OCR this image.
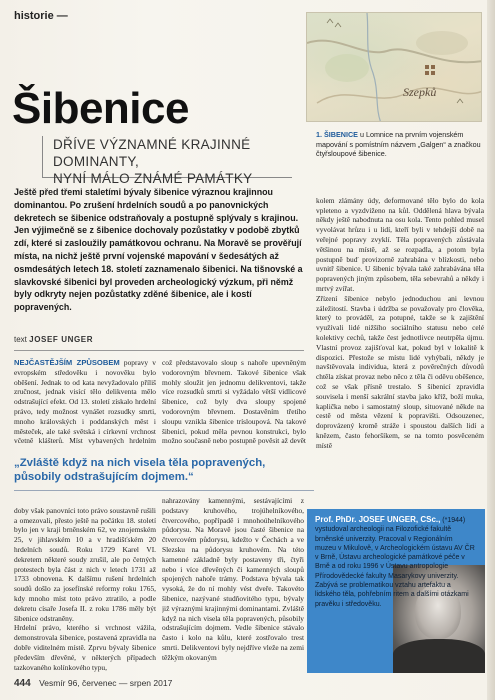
historie —
Szepků
1. ŠIBENICE u Lomnice na prvním vojenském mapování s pomístním názvem „Galgen“ a značkou čtyřsloupové šibenice.
Šibenice
DŘÍVE VÝZNAMNÉ KRAJINNÉ DOMINANTY,
NYNÍ MÁLO ZNÁMÉ PAMÁTKY

Ještě před třemi staletími bývaly šibenice výraznou krajinnou dominantou. Po zrušení hrdelních soudů a po panovnických dekretech se šibenice odstraňovaly a postupně splývaly s krajinou. Jen výjimečně se z šibenice dochovaly pozůstatky v podobě zbytků zdí, které si zasloužily památkovou ochranu. Na Moravě se prověřují místa, na nichž ještě první vojenské mapování v šedesátých až osmdesátých letech 18. století zaznamenalo šibenici. Na tišnovské a slavkovské šibenici byl proveden archeologický výzkum, při němž byly odkryty nejen pozůstatky zděné šibenice, ale i kostí popravených.

text JOSEF UNGER
NEJČASTĚJŠÍM ZPŮSOBEM popravy v evropském středověku i novověku bylo oběšení. Jednak to od kata nevyžadovalo příliš zručnost, jednak visící tělo delikventa mělo odstrašující efekt. Od 13. století získalo hrdelní právo, tedy možnost vynášet rozsudky smrti, mnoho královských i poddanských měst i městeček, ale také světská i církevní vrchnost včetně klášterů. Míst vybavených hrdelním
což představovalo sloup s nahoře upevněným vodorovným břevnem. Takové šibenice však mohly sloužit jen jednomu delikventovi, takže více rozsudků smrti si vyžádalo větší vidlicové šibenice, což byly dva sloupy spojené vodorovným břevnem. Dostavěním třetího sloupu vznikla šibenice trísloupová. Na takové šibenici, pokud měla pevnou konstrukci, bylo možno současně nebo postupně pověsit až devět

kolem zlámány údy, deformované tělo bylo do kola vpleteno a vyzdviženo na kůl. Oddělená hlava bývala někdy ještě nabodnuta na osu kola. Tento pohled musel vyvolávat hrůzu i u lidí, kteří byli v tehdejší době na veřejné popravy zvyklí. Těla popravených zůstávala většinou na místě, až se rozpadla, a potom byla postupně buď provizorně zahrabána v blízkosti, nebo uvnitř šibenice. U šibenic bývala také zahrabávána těla popravených jiným způsobem, těla sebevrahů a někdy i mrtvý zvířat.
Zřízení šibenice nebylo jednoduchou ani levnou záležitostí. Stavba i údržba se považovaly pro člověka, který to prováděl, za potupné, takže se k zajištění využívali lidé nižšího sociálního statusu nebo celé kolektivy cechů, takže čest jednotlivce neutrpěla újmu. Vlastní provoz zajišťoval kat, pokud byl v lokalitě k dispozici. Přestože se místu lidé vyhýbali, někdy je navštěvovala individua, která z pověrečných důvodů chtěla získat provaz nebo něco z těla či oděvu oběšence, což se však přísně trestalo. S šibenicí zpravidla souvisela i menší sakrální stavba jako kříž, boží muka, kaplička nebo i samostatný sloup, situované někde na cestě od města vězení k popravišti. Odsouzenec, doprovázený kromě stráže i spoustou dalších lidí a knězem, často fehoršíkem, se na tomto posvěceném místě

„Zvláště když na nich visela těla popravených, působily odstrašujícím dojmem.“

doby však panovníci toto právo soustavně rušili a omezovali, přesto ještě na počátku 18. století bylo jen v kraji brněnském 62, ve znojemském 25, v jihlavském 10 a v hradišťském 20 hrdelních soudů. Roku 1729 Karel VI. dekretem některé soudy zrušil, ale po četných protestech byla část z nich v letech 1731 až 1733 obnovena. K dalšímu rušení hrdelních soudů došlo za josefínské reformy roku 1765, kdy mnoho míst toto právo ztratilo, a podle dekretu císaře Josefa II. z roku 1786 měly být šibenice odstraněny.
Hrdelní právo, kterého si vrchnost vážila, demonstrovala šibenice, postavená zpravidla na dobře viditelném místě. Zprvu bývaly šibenice především dřevěné, v některých případech tazkovaného kolínkového typu,

nahrazovány kamennými, sestávajícími z podstavy kruhového, trojúhelníkového, čtvercového, popřípadě i mnohoúhelníkového půdorysu. Na Moravě jsou časté šibenice na čtvercovém půdorysu, kdežto v Čechách a ve Slezsku na půdorysu kruhovém. Na této kamenné základně byly postaveny tři, čtyři nebo i více dřevěných či kamenných sloupů spojených nahoře trámy. Podstava bývala tak vysoká, že do ní mohly vést dveře. Takovéto šibenice, nazývané studňovitého typu, bývaly již výraznými krajinnými dominantami. Zvláště když na nich visela těla popravených, působily odstrašujícím dojmem. Vedle šibenice stávalo často i kolo na kůlu, které zostřovalo trest smrti. Delikventovi byly nejdříve vleže na zemi těžkým okovaným
Prof. PhDr. JOSEF UNGER, CSc., (*1944) vystudoval archeologii na Filozofické fakultě brněnské univerzity. Pracoval v Regionálním muzeu v Mikulově, v Archeologickém ústavu AV ČR v Brně, Ústavu archeologické památkové péče v Brně a od roku 1996 v Ústavu antropologie Přírodovědecké fakulty Masarykovy univerzity. Zabývá se problematikou vztahu artefaktu a lidského těla, pohřebním ritem a dalšími otázkami pravěku i středověku.
444 Vesmír 96, červenec — srpen 2017
